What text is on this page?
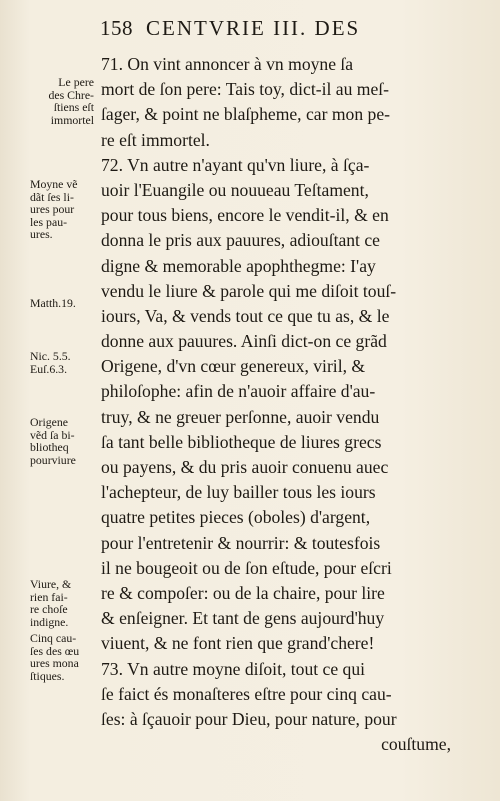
158 CENTVRIE III. DES
Le pere
des Chre-
ſtiens eſt
immortel
Moyne vẽ
dãt ſes li-
ures pour
les pau-
ures.
Matth.19.
Nic. 5.5.
Euſ.6.3.
Origene
vẽd ſa bi-
bliotheq
pourviure
Viure, &
rien fai-
re choſe
indigne.
Cinq cau-
ſes des œu
ures mona
ſtiques.
71. On vint annoncer à vn moyne ſa
mort de ſon pere: Tais toy, dict-il au meſ-
ſager, & point ne blaſpheme, car mon pe-
re eſt immortel.
72. Vn autre n'ayant qu'vn liure, à ſça-
uoir l'Euangile ou nouueau Teſtament,
pour tous biens, encore le vendit-il, & en
donna le pris aux pauures, adiouſtant ce
digne & memorable apophthegme: I'ay
vendu le liure & parole qui me diſoit touſ-
iours, Va, & vends tout ce que tu as, & le
donne aux pauures. Ainſi dict-on ce grãd
Origene, d'vn cœur genereux, viril, &
philoſophe: afin de n'auoir affaire d'au-
truy, & ne greuer perſonne, auoir vendu
ſa tant belle bibliotheque de liures grecs
ou payens, & du pris auoir conuenu auec
l'achepteur, de luy bailler tous les iours
quatre petites pieces (oboles) d'argent,
pour l'entretenir & nourrir: & toutesfois
il ne bougeoit ou de ſon eſtude, pour eſcri
re & compoſer: ou de la chaire, pour lire
& enſeigner. Et tant de gens aujourd'huy
viuent, & ne font rien que grand'chere!
73. Vn autre moyne diſoit, tout ce qui
ſe faict és monaſteres eſtre pour cinq cau-
ſes: à ſçauoir pour Dieu, pour nature, pour
couſtume,
